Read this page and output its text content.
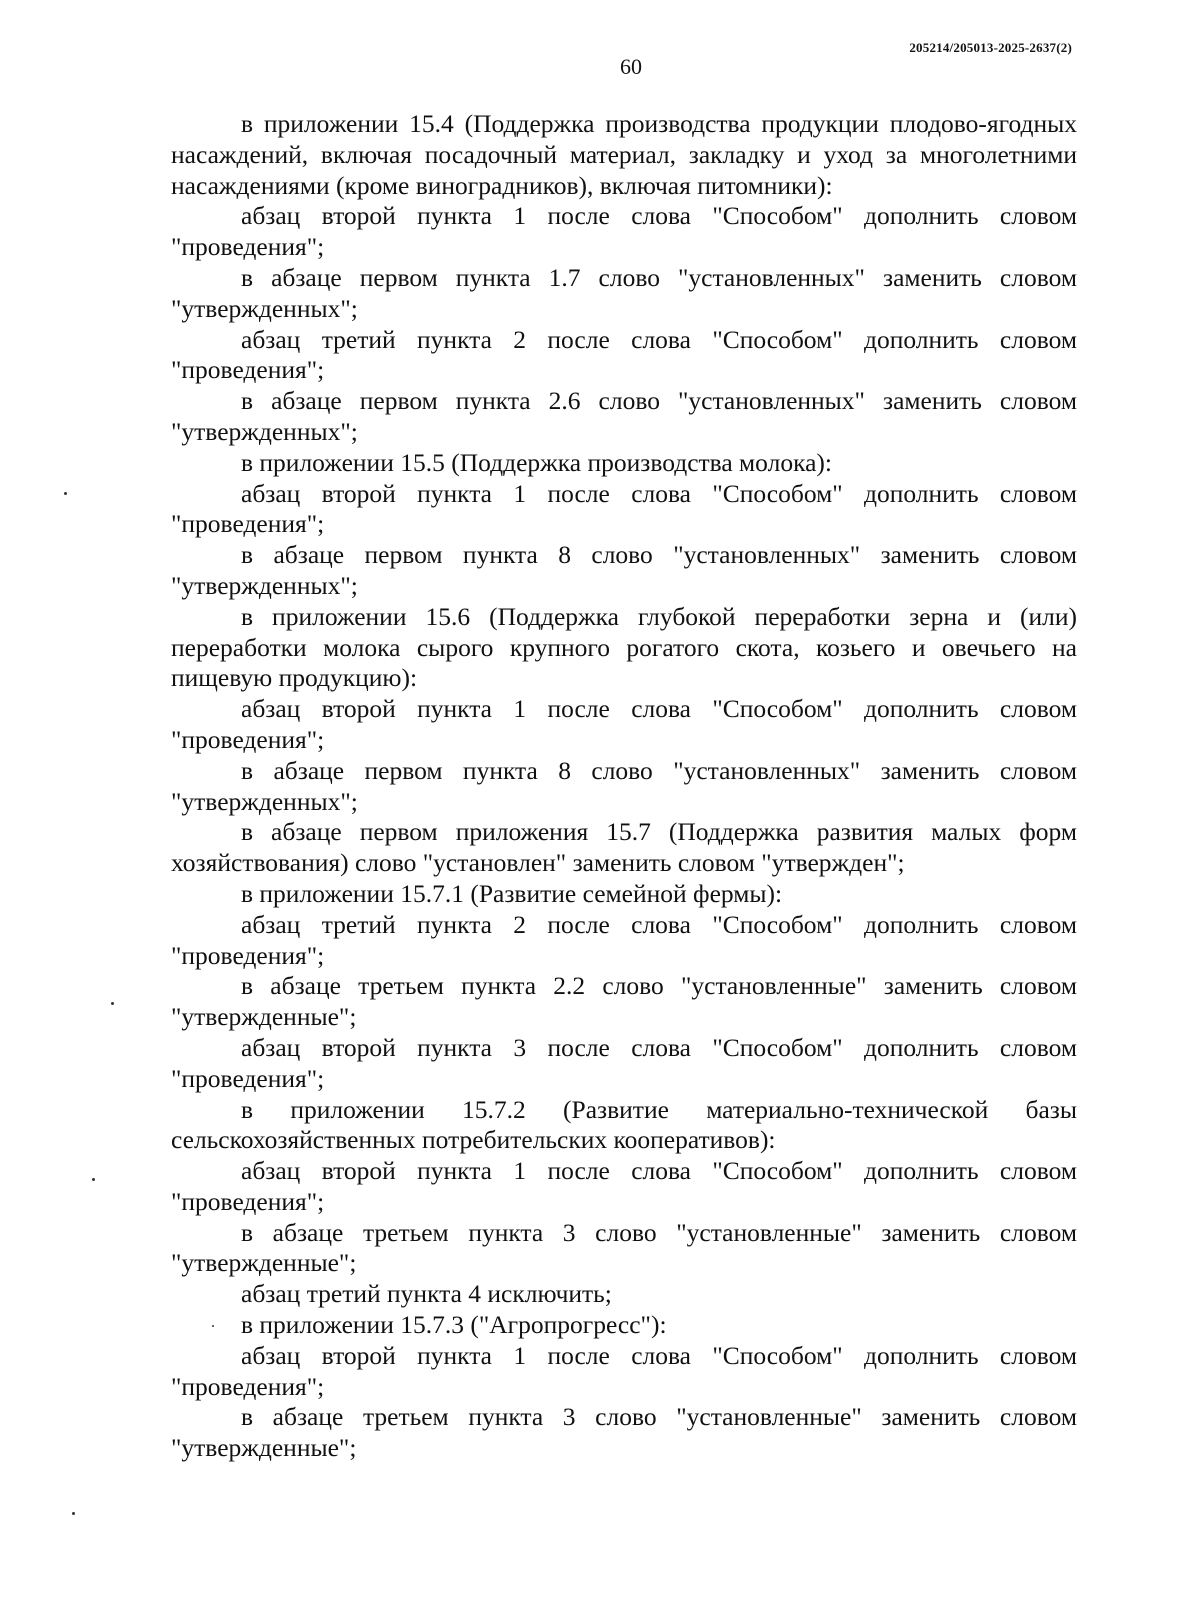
205214/205013-2025-2637(2)
60

в приложении 15.4 (Поддержка производства продукции плодово-ягодных насаждений, включая посадочный материал, закладку и уход за многолетними насаждениями (кроме виноградников), включая питомники):

абзац второй пункта 1 после слова "Способом" дополнить словом "проведения";

в абзаце первом пункта 1.7 слово "установленных" заменить словом "утвержденных";

абзац третий пункта 2 после слова "Способом" дополнить словом "проведения";

в абзаце первом пункта 2.6 слово "установленных" заменить словом "утвержденных";

в приложении 15.5 (Поддержка производства молока):

абзац второй пункта 1 после слова "Способом" дополнить словом "проведения";

в абзаце первом пункта 8 слово "установленных" заменить словом "утвержденных";

в приложении 15.6 (Поддержка глубокой переработки зерна и (или) переработки молока сырого крупного рогатого скота, козьего и овечьего на пищевую продукцию):

абзац второй пункта 1 после слова "Способом" дополнить словом "проведения";

в абзаце первом пункта 8 слово "установленных" заменить словом "утвержденных";

в абзаце первом приложения 15.7 (Поддержка развития малых форм хозяйствования) слово "установлен" заменить словом "утвержден";

в приложении 15.7.1 (Развитие семейной фермы):

абзац третий пункта 2 после слова "Способом" дополнить словом "проведения";

в абзаце третьем пункта 2.2 слово "установленные" заменить словом "утвержденные";

абзац второй пункта 3 после слова "Способом" дополнить словом "проведения";

в приложении 15.7.2 (Развитие материально-технической базы сельскохозяйственных потребительских кооперативов):

абзац второй пункта 1 после слова "Способом" дополнить словом "проведения";

в абзаце третьем пункта 3 слово "установленные" заменить словом "утвержденные";

абзац третий пункта 4 исключить;

в приложении 15.7.3 ("Агропрогресс"):

абзац второй пункта 1 после слова "Способом" дополнить словом "проведения";

в абзаце третьем пункта 3 слово "установленные" заменить словом "утвержденные";
